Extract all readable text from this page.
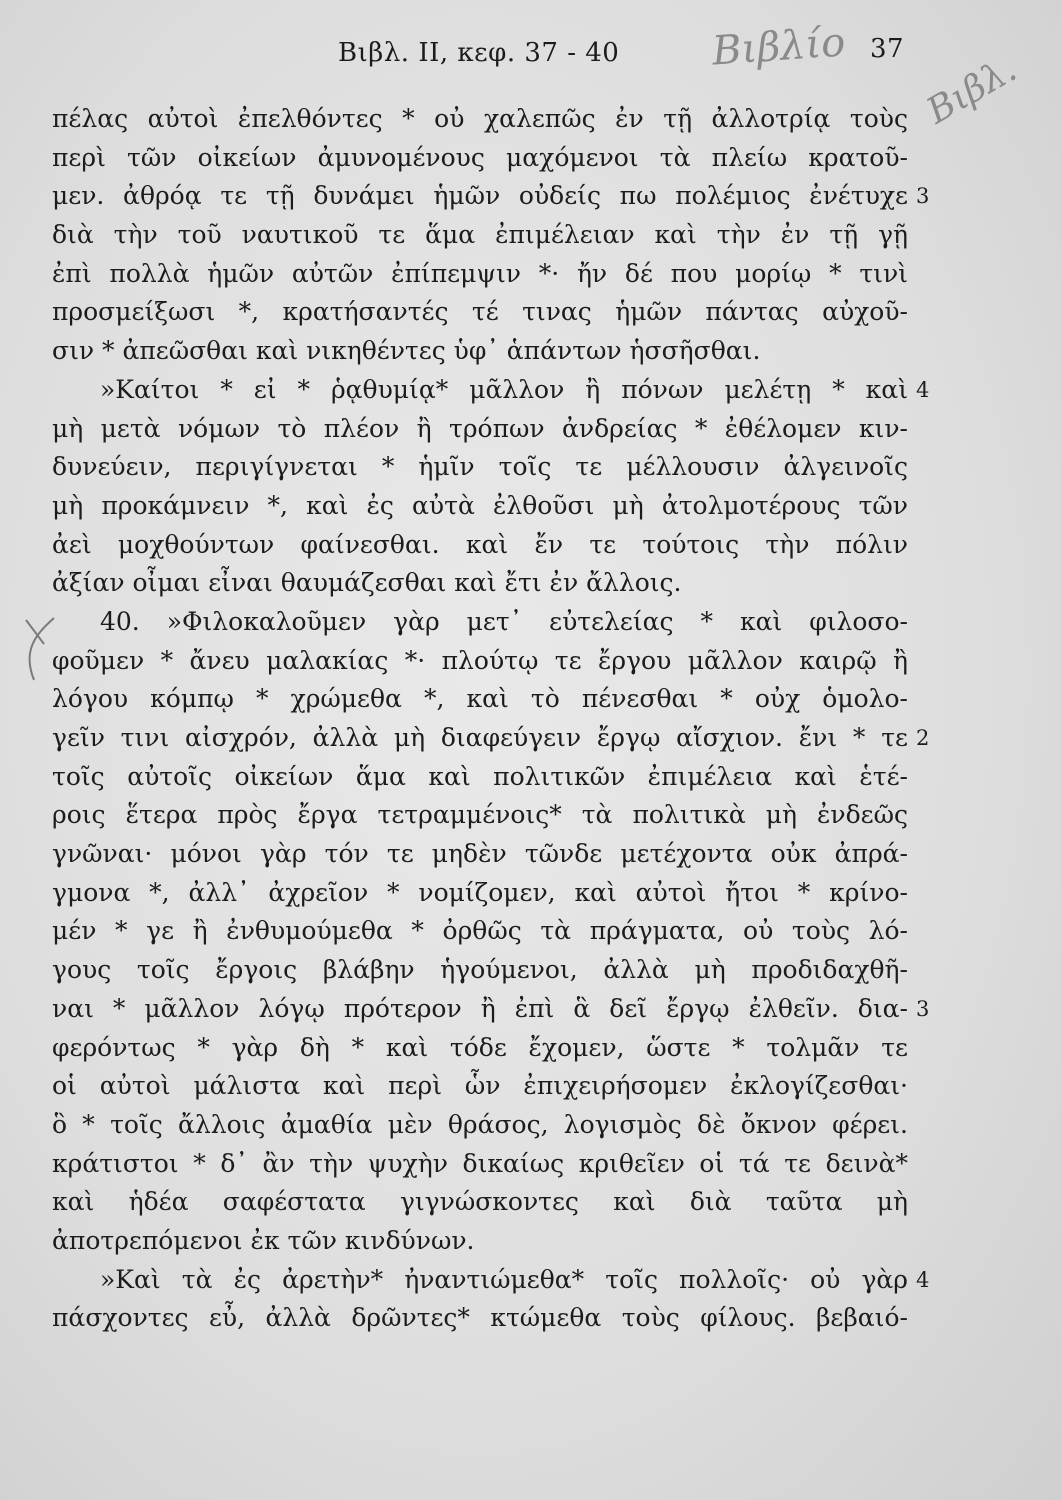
Βιβλ. ΙΙ, κεφ. 37 - 40	37
Βιβλίο
Βιβλ.
πέλας αὐτοὶ ἐπελθόντες * οὐ χαλεπῶς ἐν τῇ ἀλλοτρίᾳ τοὺς
περὶ τῶν οἰκείων ἀμυνομένους μαχόμενοι τὰ πλείω κρατοῦ-
μεν. ἀθρόᾳ τε τῇ δυνάμει ἡμῶν οὐδείς πω πολέμιος ἐνέτυχε
διὰ τὴν τοῦ ναυτικοῦ τε ἅμα ἐπιμέλειαν καὶ τὴν ἐν τῇ γῇ
ἐπὶ πολλὰ ἡμῶν αὐτῶν ἐπίπεμψιν *· ἤν δέ που μορίῳ * τινὶ
προσμείξωσι *, κρατήσαντές τέ τινας ἡμῶν πάντας αὐχοῦ-
σιν * ἀπεῶσθαι καὶ νικηθέντες ὑφ᾽ ἁπάντων ἡσσῆσθαι.
»Καίτοι * εἰ * ῥᾳθυμίᾳ* μᾶλλον ἢ πόνων μελέτῃ * καὶ
μὴ μετὰ νόμων τὸ πλέον ἢ τρόπων ἀνδρείας * ἐθέλομεν κιν-
δυνεύειν, περιγίγνεται * ἡμῖν τοῖς τε μέλλουσιν ἀλγεινοῖς
μὴ προκάμνειν *, καὶ ἐς αὐτὰ ἐλθοῦσι μὴ ἀτολμοτέρους τῶν
ἀεὶ μοχθούντων φαίνεσθαι. καὶ ἔν τε τούτοις τὴν πόλιν
ἀξίαν οἶμαι εἶναι θαυμάζεσθαι καὶ ἔτι ἐν ἄλλοις.
40. »Φιλοκαλοῦμεν γὰρ μετ᾽ εὐτελείας * καὶ φιλοσο-
φοῦμεν * ἄνευ μαλακίας *· πλούτῳ τε ἔργου μᾶλλον καιρῷ ἢ
λόγου κόμπῳ * χρώμεθα *, καὶ τὸ πένεσθαι * οὐχ ὁμολο-
γεῖν τινι αἰσχρόν, ἀλλὰ μὴ διαφεύγειν ἔργῳ αἴσχιον. ἔνι * τε
τοῖς αὐτοῖς οἰκείων ἅμα καὶ πολιτικῶν ἐπιμέλεια καὶ ἑτέ-
ροις ἕτερα πρὸς ἔργα τετραμμένοις* τὰ πολιτικὰ μὴ ἐνδεῶς
γνῶναι· μόνοι γὰρ τόν τε μηδὲν τῶνδε μετέχοντα οὐκ ἀπρά-
γμονα *, ἀλλ᾽ ἀχρεῖον * νομίζομεν, καὶ αὐτοὶ ἤτοι * κρίνο-
μέν * γε ἢ ἐνθυμούμεθα * ὀρθῶς τὰ πράγματα, οὐ τοὺς λό-
γους τοῖς ἔργοις βλάβην ἡγούμενοι, ἀλλὰ μὴ προδιδαχθῆ-
ναι * μᾶλλον λόγῳ πρότερον ἢ ἐπὶ ἃ δεῖ ἔργῳ ἐλθεῖν. δια-
φερόντως * γὰρ δὴ * καὶ τόδε ἔχομεν, ὥστε * τολμᾶν τε
οἱ αὐτοὶ μάλιστα καὶ περὶ ὧν ἐπιχειρήσομεν ἐκλογίζεσθαι·
ὃ * τοῖς ἄλλοις ἀμαθία μὲν θράσος, λογισμὸς δὲ ὄκνον φέρει.
κράτιστοι * δ᾽ ἂν τὴν ψυχὴν δικαίως κριθεῖεν οἱ τά τε δεινὰ*
καὶ ἡδέα σαφέστατα γιγνώσκοντες καὶ διὰ ταῦτα μὴ
ἀποτρεπόμενοι ἐκ τῶν κινδύνων.
»Καὶ τὰ ἐς ἀρετὴν* ἠναντιώμεθα* τοῖς πολλοῖς· οὐ γὰρ
πάσχοντες εὖ, ἀλλὰ δρῶντες* κτώμεθα τοὺς φίλους. βεβαιό-
3
4
2
3
4
